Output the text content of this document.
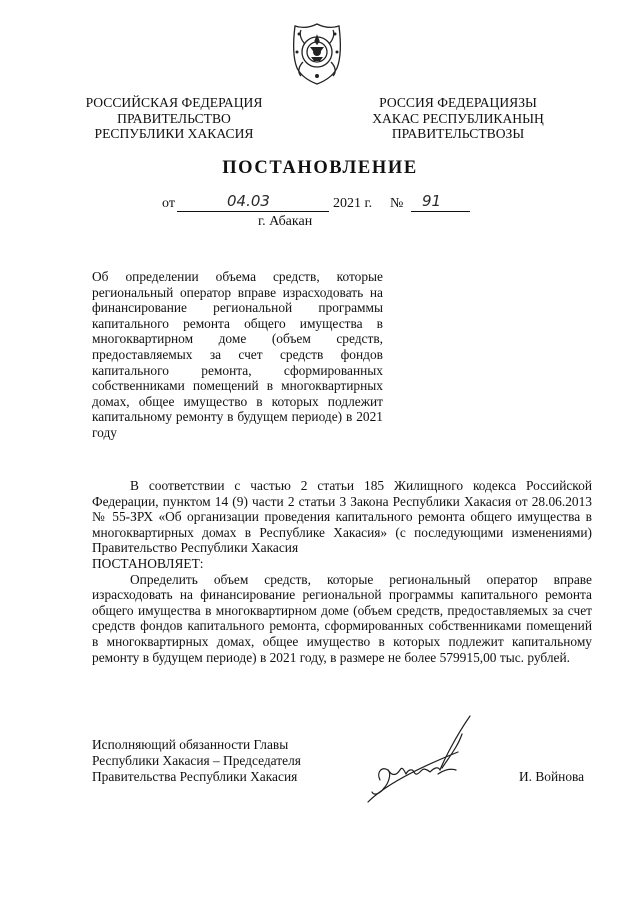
РОССИЙСКАЯ ФЕДЕРАЦИЯ
ПРАВИТЕЛЬСТВО
РЕСПУБЛИКИ ХАКАСИЯ
РОССИЯ ФЕДЕРАЦИЯЗЫ
ХАКАС РЕСПУБЛИКАНЫҢ
ПРАВИТЕЛЬСТВОЗЫ
ПОСТАНОВЛЕНИЕ
от	04.03	2021 г. № 91
г. Абакан
Об определении объема средств, которые региональный оператор вправе израсходовать на финансирование региональной программы капитального ремонта общего имущества в многоквартирном доме (объем средств, предоставляемых за счет средств фондов капитального ремонта, сформированных собственниками помещений в многоквартирных домах, общее имущество в которых подлежит капитальному ремонту в будущем периоде) в 2021 году

В соответствии с частью 2 статьи 185 Жилищного кодекса Российской Федерации, пунктом 14 (9) части 2 статьи 3 Закона Республики Хакасия от 28.06.2013 № 55-ЗРХ «Об организации проведения капитального ремонта общего имущества в многоквартирных домах в Республике Хакасия» (с последующими изменениями) Правительство Республики Хакасия

ПОСТАНОВЛЯЕТ:

Определить объем средств, которые региональный оператор вправе израсходовать на финансирование региональной программы капитального ремонта общего имущества в многоквартирном доме (объем средств, предоставляемых за счет средств фондов капитального ремонта, сформированных собственниками помещений в многоквартирных домах, общее имущество в которых подлежит капитальному ремонту в будущем периоде) в 2021 году, в размере не более 579915,00 тыс. рублей.

Исполняющий обязанности Главы
Республики Хакасия – Председателя
Правительства Республики Хакасия	И. Войнова
